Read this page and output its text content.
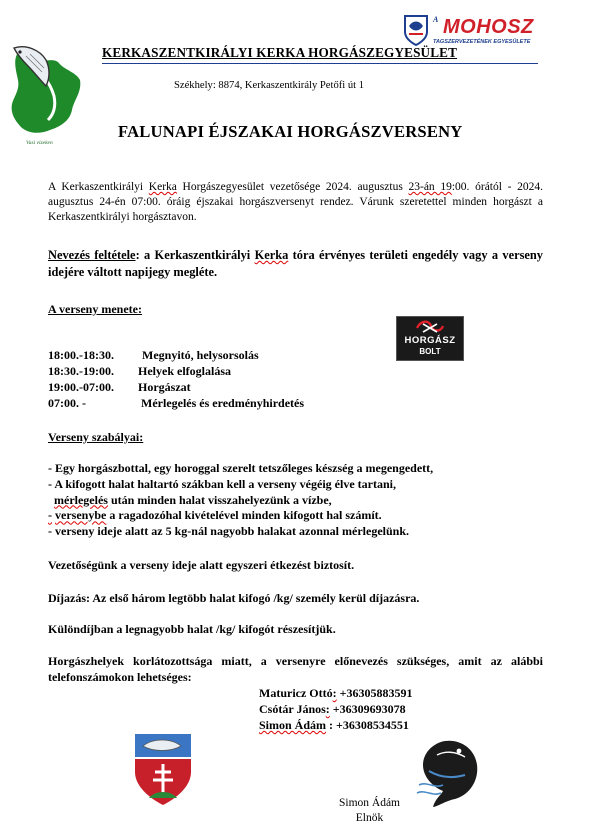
Vasi vizeken
A MOHOSZ
TAGSZERVEZETÉNEK EGYESÜLETE
KERKASZENTKIRÁLYI KERKA HORGÁSZEGYESÜLET
Székhely: 8874, Kerkaszentkirály Petőfi út 1
FALUNAPI ÉJSZAKAI HORGÁSZVERSENY

A Kerkaszentkirályi Kerka Horgászegyesület vezetősége 2024. augusztus 23-án 19:00. órától - 2024. augusztus 24-én 07:00. óráig éjszakai horgászversenyt rendez. Várunk szeretettel minden horgászt a Kerkaszentkirályi horgásztavon.

Nevezés feltétele: a Kerkaszentkirályi Kerka tóra érvényes területi engedély vagy a verseny idejére váltott napijegy megléte.

A verseny menete:
HORGÁSZ
BOLT
18:00.-18:30. Megnyitó, helysorsolás
18:30.-19:00. Helyek elfoglalása
19:00.-07:00. Horgászat
07:00. -	Mérlegelés és eredményhirdetés
Verseny szabályai:

- Egy horgászbottal, egy horoggal szerelt tetszőleges készség a megengedett,

- A kifogott halat haltartó szákban kell a verseny végéig élve tartani,

mérlegelés után minden halat visszahelyezünk a vízbe,

- versenybe a ragadozóhal kivételével minden kifogott hal számít.

- verseny ideje alatt az 5 kg-nál nagyobb halakat azonnal mérlegelünk.

Vezetőségünk a verseny ideje alatt egyszeri étkezést biztosít.

Díjazás: Az első három legtöbb halat kifogó /kg/ személy kerül díjazásra.

Különdíjban a legnagyobb halat /kg/ kifogót részesítjük.

Horgászhelyek korlátozottsága miatt, a versenyre előnevezés szükséges, amit az alábbi telefonszámokon lehetséges:

Maturicz Ottó: +36305883591
Csótár János: +36309693078
Simon Ádám : +36308534551
Simon Ádám
Elnök
